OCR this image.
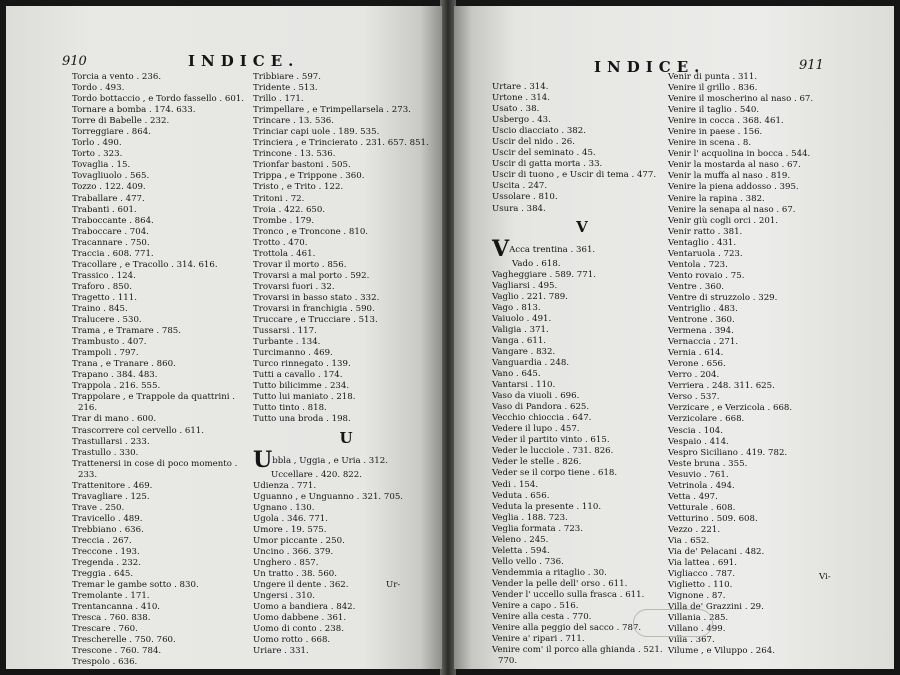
910	INDICE.
Torcia a vento . 236.
Tordo . 493.
Tordo bottaccio , e Tordo fassello . 601.
Tornare a bomba . 174. 633.
Torre di Babelle . 232.
Torreggiare . 864.
Torlo . 490.
Torto . 323.
Tovaglia . 15.
Tovagliuolo . 565.
Tozzo . 122. 409.
Traballare . 477.
Trabanti . 601.
Traboccante . 864.
Traboccare . 704.
Tracannare . 750.
Traccia . 608. 771.
Tracollare , e Tracollo . 314. 616.
Trassico . 124.
Traforo . 850.
Tragetto . 111.
Traino . 845.
Tralucere . 530.
Trama , e Tramare . 785.
Trambusto . 407.
Trampoli . 797.
Trana , e Tranare . 860.
Trapano . 384. 483.
Trappola . 216. 555.
Trappolare , e Trappole da quattrini .
216.
Trar di mano . 600.
Trascorrere col cervello . 611.
Trastullarsi . 233.
Trastullo . 330.
Trattenersi in cose di poco momento .
233.
Trattenitore . 469.
Travagliare . 125.
Trave . 250.
Travicello . 489.
Trebbiano . 636.
Treccia . 267.
Treccone . 193.
Tregenda . 232.
Treggia . 645.
Tremar le gambe sotto . 830.
Tremolante . 171.
Trentancanna . 410.
Tresca . 760. 838.
Trescare . 760.
Trescherelle . 750. 760.
Trescone . 760. 784.
Trespolo . 636.
Tribbiare . 597.
Tridente . 513.
Trillo . 171.
Trimpellare , e Trimpellarsela . 273.
Trincare . 13. 536.
Trinciar capi uole . 189. 535.
Trinciera , e Trincierato . 231. 657. 851.
Trincone . 13. 536.
Trionfar bastoni . 505.
Trippa , e Trippone . 360.
Tristo , e Trito . 122.
Tritoni . 72.
Troia . 422. 650.
Trombe . 179.
Tronco , e Troncone . 810.
Trotto . 470.
Trottola . 461.
Trovar il morto . 856.
Trovarsi a mal porto . 592.
Trovarsi fuori . 32.
Trovarsi in basso stato . 332.
Trovarsi in franchigia . 590.
Truccare , e Trucciare . 513.
Tussarsi . 117.
Turbante . 134.
Turcimanno . 469.
Turco rinnegato . 139.
Tutti a cavallo . 174.
Tutto bilicimme . 234.
Tutto lui maniato . 218.
Tutto tinto . 818.
Tutto una broda . 198.
U
Ubbla , Uggia , e Uria . 312.
Uccellare . 420. 822.
Udienza . 771.
Uguanno , e Unguanno . 321. 705.
Ugnano . 130.
Ugola . 346. 771.
Umore . 19. 575.
Umor piccante . 250.
Uncino . 366. 379.
Unghero . 857.
Un tratto . 38. 560.
Ungere il dente . 362.
Ungersi . 310.
Uomo a bandiera . 842.
Uomo dabbene . 361.
Uomo di conto . 238.
Uomo rotto . 668.
Uriare . 331.
Ur-
INDICE.	911
Urtare . 314.
Urtone . 314.
Usato . 38.
Usbergo . 43.
Uscio diacciato . 382.
Uscir del nido . 26.
Uscir del seminato . 45.
Uscir di gatta morta . 33.
Uscir di tuono , e Uscir di tema . 477.
Uscita . 247.
Ussolare . 810.
Usura . 384.
V
VAcca trentina . 361.
Vado . 618.
Vagheggiare . 589. 771.
Vagliarsi . 495.
Vaglio . 221. 789.
Vago . 813.
Vaiuolo . 491.
Valigia . 371.
Vanga . 611.
Vangare . 832.
Vanguardia . 248.
Vano . 645.
Vantarsi . 110.
Vaso da viuoli . 696.
Vaso di Pandora . 625.
Vecchio chioccia . 647.
Vedere il lupo . 457.
Veder il partito vinto . 615.
Veder le lucciole . 731. 826.
Veder le stelle . 826.
Veder se il corpo tiene . 618.
Vedi . 154.
Veduta . 656.
Veduta la presente . 110.
Veglia . 188. 723.
Veglia formata . 723.
Veleno . 245.
Veletta . 594.
Vello vello . 736.
Vendemmia a ritaglio . 30.
Vender la pelle dell' orso . 611.
Vender l' uccello sulla frasca . 611.
Venire a capo . 516.
Venire alla cesta . 770.
Venire alla peggio del sacco . 787.
Venire a' ripari . 711.
Venire com' il porco alla ghianda . 521.
770.
Venir di punta . 311.
Venire il grillo . 836.
Venire il moscherino al naso . 67.
Venire il taglio . 540.
Venire in cocca . 368. 461.
Venire in paese . 156.
Venire in scena . 8.
Venir l' acquolina in bocca . 544.
Venir la mostarda al naso . 67.
Venir la muffa al naso . 819.
Venire la piena addosso . 395.
Venire la rapina . 382.
Venire la senapa al naso . 67.
Venir giù cogli orci . 201.
Venir ratto . 381.
Ventaglio . 431.
Ventaruola . 723.
Ventola . 723.
Vento rovaio . 75.
Ventre . 360.
Ventre di struzzolo . 329.
Ventriglio . 483.
Ventrone . 360.
Vermena . 394.
Vernaccia . 271.
Vernia . 614.
Verone . 656.
Verro . 204.
Verriera . 248. 311. 625.
Verso . 537.
Verzicare , e Verzicola . 668.
Verzicolare . 668.
Vescia . 104.
Vespaio . 414.
Vespro Siciliano . 419. 782.
Veste bruna . 355.
Vesuvio . 761.
Vetrinola . 494.
Vetta . 497.
Vetturale . 608.
Vetturino . 509. 608.
Vezzo . 221.
Via . 652.
Via de' Pelacani . 482.
Via lattea . 691.
Vigliacco . 787.
Viglietto . 110.
Vignone . 87.
Villa de' Grazzini . 29.
Villania . 285.
Villano . 499.
Villa . 367.
Vilume , e Viluppo . 264.
Vi-
